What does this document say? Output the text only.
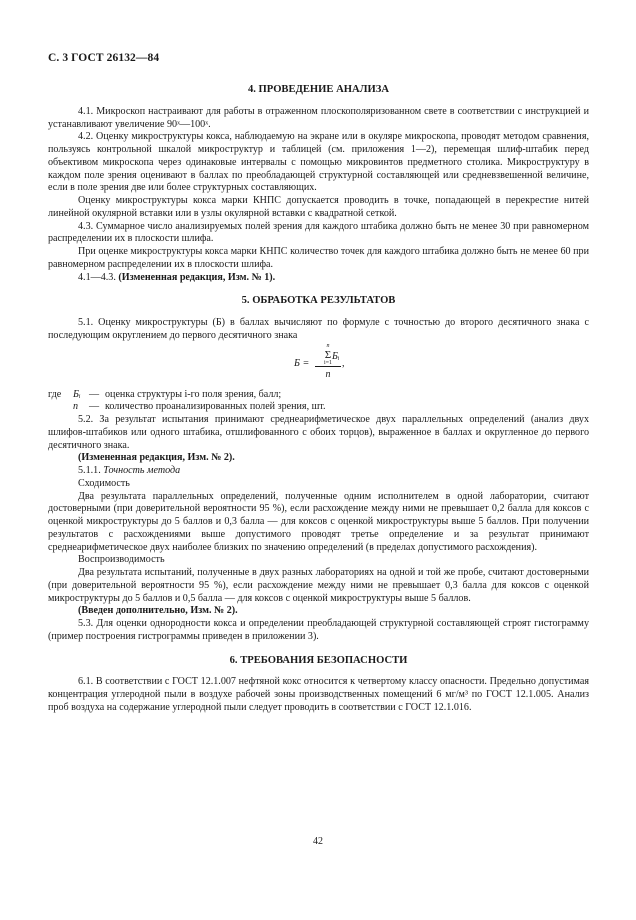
С. 3 ГОСТ 26132—84

4. ПРОВЕДЕНИЕ АНАЛИЗА

4.1. Микроскоп настраивают для работы в отраженном плоскополяризованном свете в соответствии с инструкцией и устанавливают увеличение 90ˣ—100ˣ.

4.2. Оценку микроструктуры кокса, наблюдаемую на экране или в окуляре микроскопа, проводят методом сравнения, пользуясь контрольной шкалой микроструктур и таблицей (см. приложения 1—2), перемещая шлиф-штабик перед объективом микроскопа через одинаковые интервалы с помощью микровинтов предметного столика. Микроструктуру в каждом поле зрения оценивают в баллах по преобладающей структурной составляющей или средневзвешенной величине, если в поле зрения две или более структурных составляющих.

Оценку микроструктуры кокса марки КНПС допускается проводить в точке, попадающей в перекрестие нитей линейной окулярной вставки или в узлы окулярной вставки с квадратной сеткой.

4.3. Суммарное число анализируемых полей зрения для каждого штабика должно быть не менее 30 при равномерном распределении их в плоскости шлифа.

При оценке микроструктуры кокса марки КНПС количество точек для каждого штабика должно быть не менее 60 при равномерном распределении их в плоскости шлифа.

4.1—4.3. (Измененная редакция, Изм. № 1).

5. ОБРАБОТКА РЕЗУЛЬТАТОВ

5.1. Оценку микроструктуры (Б) в баллах вычисляют по формуле с точностью до второго десятичного знака с последующим округлением до первого десятичного знака

Б =
n
Σ
i=1
Бᵢ
n
,
где	Бᵢ — оценка структуры i-го поля зрения, балл;
n	— количество проанализированных полей зрения, шт.

5.2. За результат испытания принимают среднеарифметическое двух параллельных определений (анализ двух шлифов-штабиков или одного штабика, отшлифованного с обоих торцов), выраженное в баллах и округленное до первого десятичного знака.

(Измененная редакция, Изм. № 2).

5.1.1. Точность метода

Сходимость

Два результата параллельных определений, полученные одним исполнителем в одной лаборатории, считают достоверными (при доверительной вероятности 95 %), если расхождение между ними не превышает 0,2 балла для коксов с оценкой микроструктуры до 5 баллов и 0,3 балла — для коксов с оценкой микроструктуры выше 5 баллов. При получении результатов с расхождениями выше допустимого проводят третье определение и за результат принимают среднеарифметическое двух наиболее близких по значению определений (в пределах допустимого расхождения).

Воспроизводимость

Два результата испытаний, полученные в двух разных лабораториях на одной и той же пробе, считают достоверными (при доверительной вероятности 95 %), если расхождение между ними не превышает 0,3 балла для коксов с оценкой микроструктуры до 5 баллов и 0,5 балла — для коксов с оценкой микроструктуры выше 5 баллов.

(Введен дополнительно, Изм. № 2).

5.3. Для оценки однородности кокса и определении преобладающей структурной составляющей строят гистограмму (пример построения гистрограммы приведен в приложении 3).

6. ТРЕБОВАНИЯ БЕЗОПАСНОСТИ

6.1. В соответствии с ГОСТ 12.1.007 нефтяной кокс относится к четвертому классу опасности. Предельно допустимая концентрация углеродной пыли в воздухе рабочей зоны производственных помещений 6 мг/м³ по ГОСТ 12.1.005. Анализ проб воздуха на содержание углеродной пыли следует проводить в соответствии с ГОСТ 12.1.016.

42
